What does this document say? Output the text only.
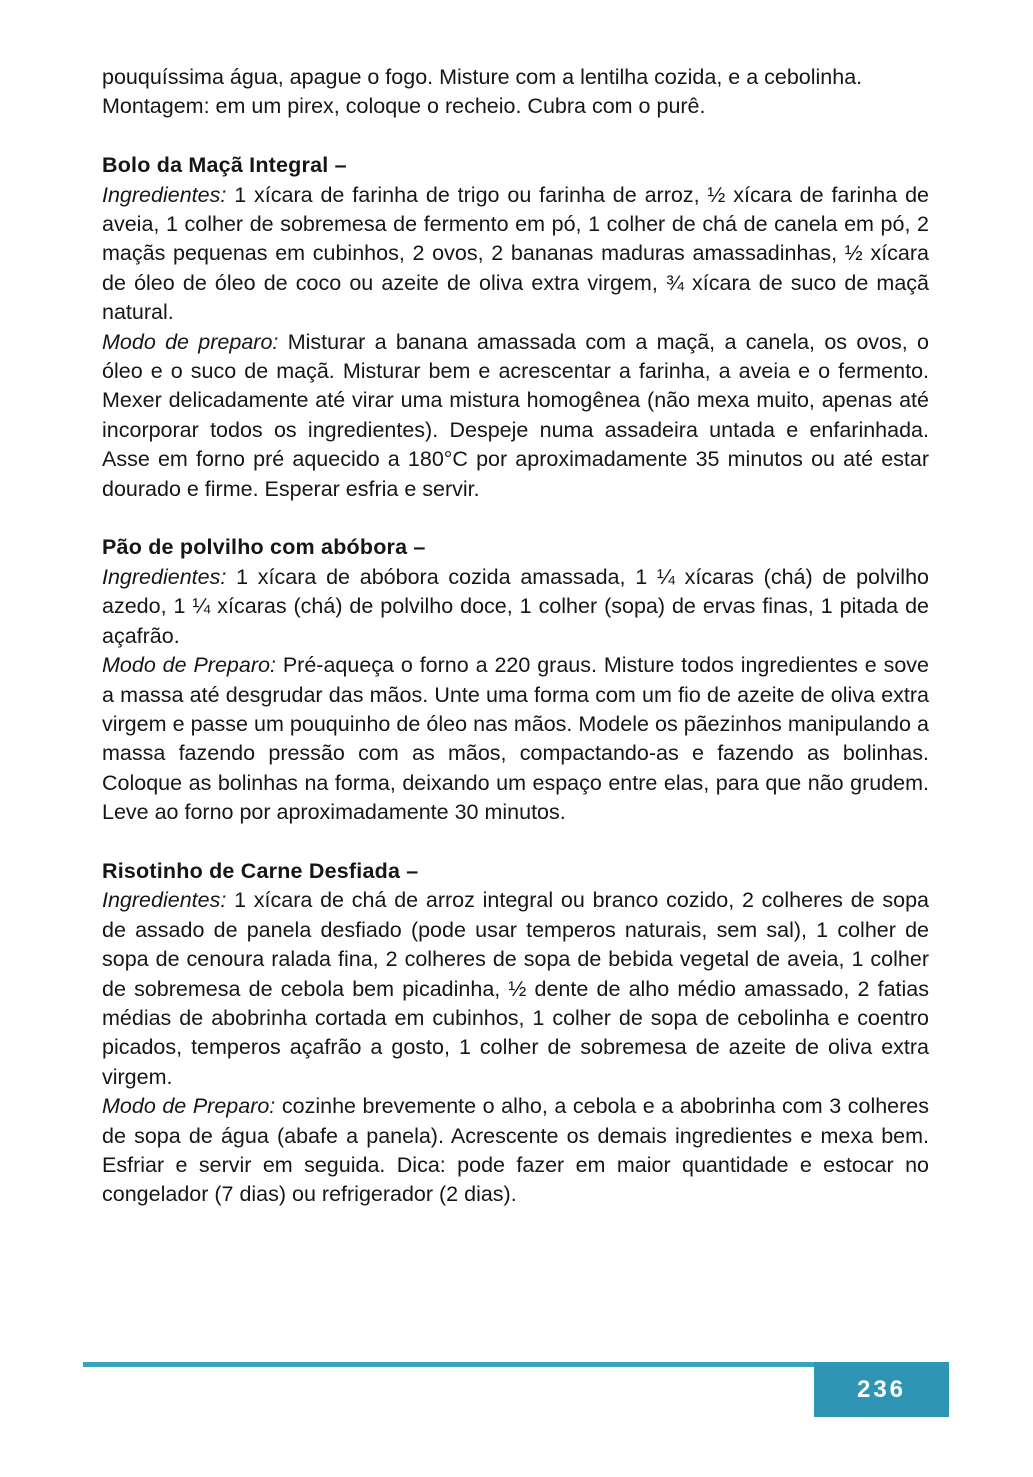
pouquíssima água, apague o fogo. Misture com a lentilha cozida, e a cebolinha.

Montagem: em um pirex, coloque o recheio. Cubra com o purê.

Bolo da Maçã Integral –

Ingredientes: 1 xícara de farinha de trigo ou farinha de arroz, ½ xícara de farinha de aveia, 1 colher de sobremesa de fermento em pó, 1 colher de chá de canela em pó, 2 maçãs pequenas em cubinhos, 2 ovos, 2 bananas maduras amassadinhas, ½ xícara de óleo de óleo de coco ou azeite de oliva extra virgem, ¾ xícara de suco de maçã natural.

Modo de preparo: Misturar a banana amassada com a maçã, a canela, os ovos, o óleo e o suco de maçã. Misturar bem e acrescentar a farinha, a aveia e o fermento. Mexer delicadamente até virar uma mistura homogênea (não mexa muito, apenas até incorporar todos os ingredientes). Despeje numa assadeira untada e enfarinhada. Asse em forno pré aquecido a 180°C por aproximadamente 35 minutos ou até estar dourado e firme. Esperar esfria e servir.

Pão de polvilho com abóbora –

Ingredientes: 1 xícara de abóbora cozida amassada, 1 ¼ xícaras (chá) de polvilho azedo, 1 ¼ xícaras (chá) de polvilho doce, 1 colher (sopa) de ervas finas, 1 pitada de açafrão.

Modo de Preparo: Pré-aqueça o forno a 220 graus. Misture todos ingredientes e sove a massa até desgrudar das mãos. Unte uma forma com um fio de azeite de oliva extra virgem e passe um pouquinho de óleo nas mãos. Modele os pãezinhos manipulando a massa fazendo pressão com as mãos, compactando-as e fazendo as bolinhas. Coloque as bolinhas na forma, deixando um espaço entre elas, para que não grudem. Leve ao forno por aproximadamente 30 minutos.

Risotinho de Carne Desfiada –

Ingredientes: 1 xícara de chá de arroz integral ou branco cozido, 2 colheres de sopa de assado de panela desfiado (pode usar temperos naturais, sem sal), 1 colher de sopa de cenoura ralada fina, 2 colheres de sopa de bebida vegetal de aveia, 1 colher de sobremesa de cebola bem picadinha, ½ dente de alho médio amassado, 2 fatias médias de abobrinha cortada em cubinhos, 1 colher de sopa de cebolinha e coentro picados, temperos açafrão a gosto, 1 colher de sobremesa de azeite de oliva extra virgem.

Modo de Preparo: cozinhe brevemente o alho, a cebola e a abobrinha com 3 colheres de sopa de água (abafe a panela). Acrescente os demais ingredientes e mexa bem. Esfriar e servir em seguida. Dica: pode fazer em maior quantidade e estocar no congelador (7 dias) ou refrigerador (2 dias).

236
